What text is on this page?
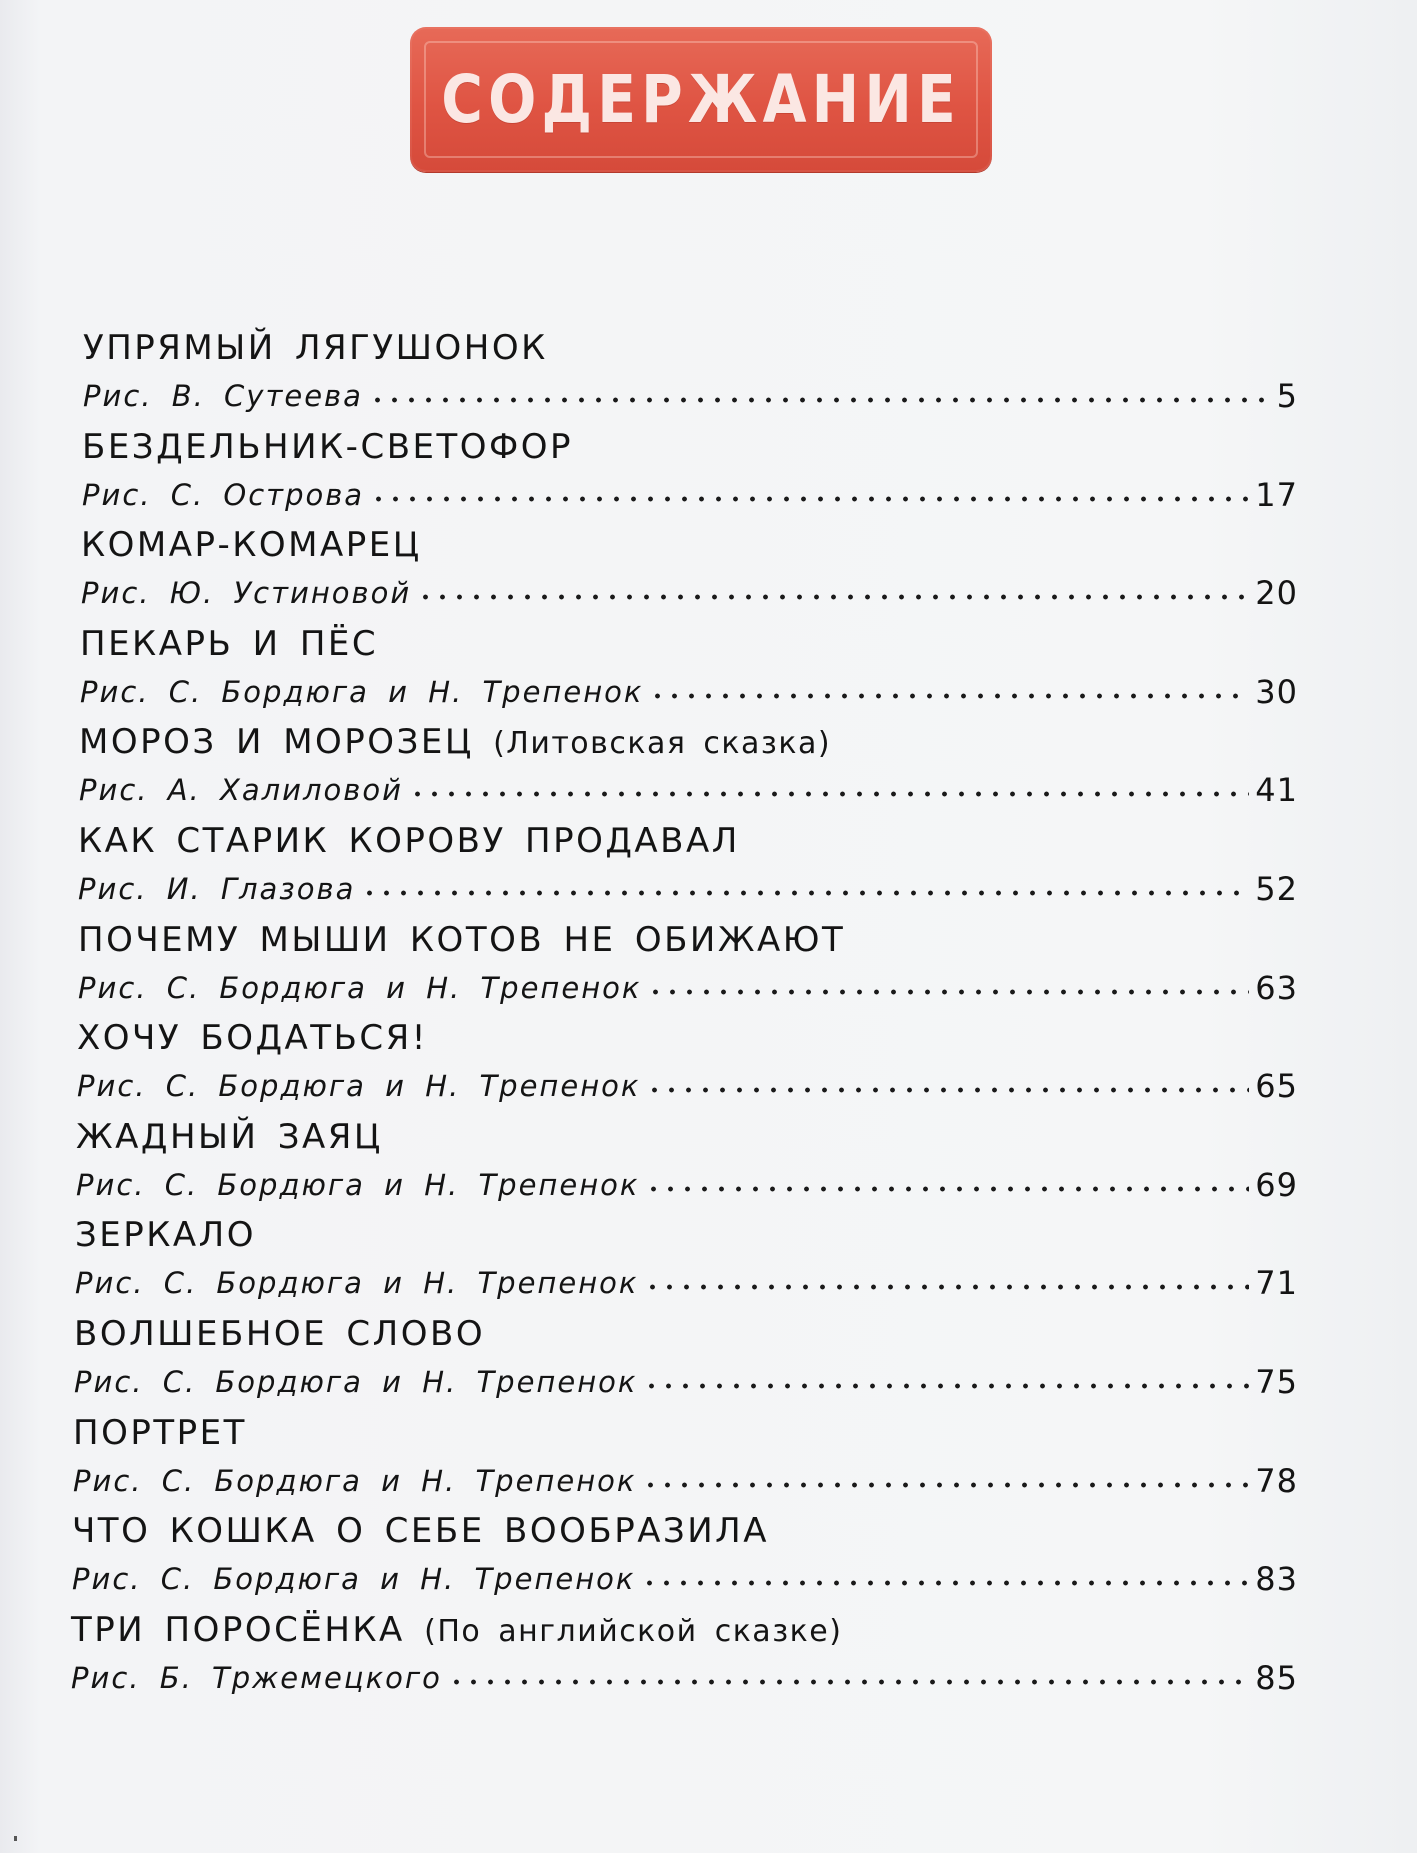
СОДЕРЖАНИЕ
УПРЯМЫЙ ЛЯГУШОНОК
Рис. В. Сутеева	5
БЕЗДЕЛЬНИК-СВЕТОФОР
Рис. С. Острова	17
КОМАР-КОМАРЕЦ
Рис. Ю. Устиновой	20
ПЕКАРЬ И ПЁС
Рис. С. Бордюга и Н. Трепенок	30
МОРОЗ И МОРОЗЕЦ (Литовская сказка)
Рис. А. Халиловой	41
КАК СТАРИК КОРОВУ ПРОДАВАЛ
Рис. И. Глазова	52
ПОЧЕМУ МЫШИ КОТОВ НЕ ОБИЖАЮТ
Рис. С. Бордюга и Н. Трепенок	63
ХОЧУ БОДАТЬСЯ!
Рис. С. Бордюга и Н. Трепенок	65
ЖАДНЫЙ ЗАЯЦ
Рис. С. Бордюга и Н. Трепенок	69
ЗЕРКАЛО
Рис. С. Бордюга и Н. Трепенок	71
ВОЛШЕБНОЕ СЛОВО
Рис. С. Бордюга и Н. Трепенок	75
ПОРТРЕТ
Рис. С. Бордюга и Н. Трепенок	78
ЧТО КОШКА О СЕБЕ ВООБРАЗИЛА
Рис. С. Бордюга и Н. Трепенок	83
ТРИ ПОРОСЁНКА (По английской сказке)
Рис. Б. Тржемецкого	85
